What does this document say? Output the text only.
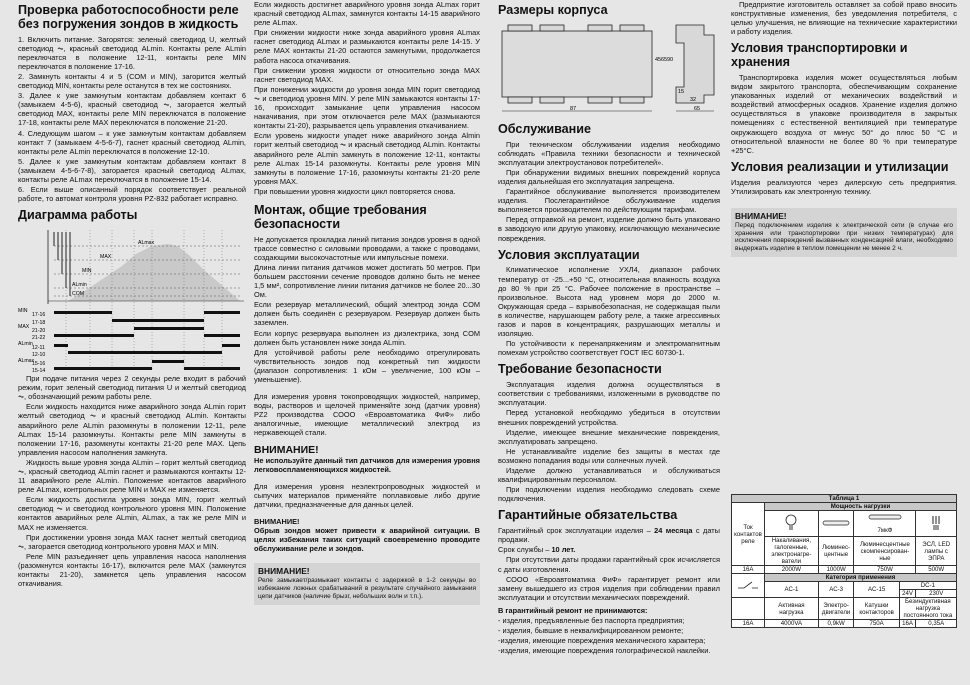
Проверка работоспособности реле без погружения зондов в жидкость

1. Включить питание. Загорятся: зеленый светодиод U, желтый светодиод ⏦, красный светодиод ALmin. Контакты реле ALmin переключатся в положение 12-11, контакты реле MIN переключатся в положение 17-16.

2. Замкнуть контакты 4 и 5 (COM и MIN), загорится желтый светодиод MIN, контакты реле останутся в тех же состояниях.

3. Далее к уже замкнутым контактам добавляем контакт 6 (замыкаем 4-5-6), красный светодиод ⏦, загорается желтый светодиод MAX, контакты реле MIN переключатся в положение 17-18, контакты реле MAX переключатся в положение 21-20.

4. Следующим шагом – к уже замкнутым контактам добавляем контакт 7 (замыкаем 4-5-6-7), гаснет красный светодиод ALmin, контакты реле ALmin переключатся в положение 12-10.

5. Далее к уже замкнутым контактам добавляем контакт 8 (замыкаем 4-5-6-7-8), загорается красный светодиод ALmax, контакты реле ALmax переключатся в положение 15-14.

6. Если выше описанный порядок соответствует реальной работе, то автомат контроля уровня PZ-832 работает исправно.

Диаграмма работы
ALmax
MAX
MIN
ALmin
COM
MIN
17-16
17-18
MAX
21-20
21-22
ALmin
12-11
12-10
ALmax
15-16
15-14

При подаче питания через 2 секунды реле входит в рабочий режим, горит зеленый светодиод питания U и желтый светодиод ⏦, обозначающий режим работы реле.

Если жидкость находится ниже аварийного зонда ALmin горит желтый светодиод ⏦ и красный светодиод ALmin. Контакты аварийного реле ALmin разомкнуты в положении 12-11, реле ALmax 15-14 разомкнуты. Контакты реле MIN замкнуты в положении 17-16, разомкнуты контакты 21-20 реле MAX. Цепь управления насосом наполнения замкнута.

Жидкость выше уровня зонда ALmin – горит желтый светодиод ⏦, красный светодиод ALmin гаснет и размыкаются контакты 12-11 аварийного реле ALmin. Положение контактов аварийного реле ALmax, контрольных реле MIN и MAX не изменяется.

Если жидкость достигла уровня зонда MIN, горит желтый светодиод ⏦ и светодиод контрольного уровня MIN. Положение контактов аварийных реле ALmin, ALmax, а так же реле MIN и MAX не изменяется.

При достижении уровня зонда MAX гаснет желтый светодиод ⏦, загорается светодиод контрольного уровня MAX и MIN.

Реле MIN разъединяет цепь управления насоса наполнения (разомкнутся контакты 16-17), включится реле MAX (замкнутся контакты 21-20), замкнется цепь управления насосом откачивания.

Если жидкость достигнет аварийного уровня зонда ALmax горит красный светодиод ALmax, замкнутся контакты 14-15 аварийного реле ALmax.

При снижении жидкости ниже зонда аварийного уровня ALmax гаснет светодиод ALmax и размыкаются контакты реле 14-15. У реле MAX контакты 21-20 остаются замкнутыми, продолжается работа насоса откачивания.

При снижении уровня жидкости от относительно зонда MAX гаснет светодиод MAX.

При понижении жидкости до уровня зонда MIN горит светодиод ⏦ и светодиод уровня MIN. У реле MIN замыкаются контакты 17-16, происходит замыкание цепи управления насосом накачивания, при этом отключается реле MAX (размыкаются контакты 21-20), разрывается цепь управления откачиванием.

Если уровень жидкости упадет ниже аварийного зонда Almin горит желтый светодиод ⏦ и красный светодиод ALmin. Контакты аварийного реле ALmin замкнуть в положение 12-11, контакты реле ALmax 15-14 разомкнуты. Контакты реле уровня MIN замкнуты в положение 17-16, разомкнуты контакты 21-20 реле уровня MAX.

При повышении уровня жидкости цикл повторяется снова.

Монтаж, общие требования безопасности

Не допускается прокладка линий питания зондов уровня в одной трассе совместно с силовыми проводами, а также с проводами, создающими высокочастотные или импульсные помехи.

Длина линии питания датчиков может достигать 50 метров. При большем расстоянии сечение проводов должно быть не менее 1,5 мм², сопротивление линии питания датчиков не более 20...30 Ом.

Если резервуар металлический, общий электрод зонда COM должен быть соединён с резервуаром. Резервуар должен быть заземлен.

Если корпус резервуара выполнен из диэлектрика, зонд COM должен быть установлен ниже зонда ALmin.

Для устойчивой работы реле необходимо отрегулировать чувствительность зондов под конкретный тип жидкости (диапазон сопротивления: 1 кОм – увеличение, 100 кОм – уменьшение).

Для измерения уровня токопроводящих жидкостей, например, воды, растворов и щелочей применяйте зонд (датчик уровня) PZ2 производства СООО «Евроавтоматика ФиФ» либо аналогичные, имеющие металлический электрод из нержавеющей стали.

ВНИМАНИЕ!

Не используйте данный тип датчиков для измерения уровня легковоспламеняющихся жидкостей.

Для измерения уровня неэлектропроводных жидкостей и сыпучих материалов применяйте поплавковые либо другие датчики, предназначенные для данных целей.

ВНИМАНИЕ!

Обрыв зондов может привести к аварийной ситуации. В целях избежания таких ситуаций своевременно проводите обслуживание реле и зондов.

ВНИМАНИЕ!

Реле замыкает/размыкает контакты с задержкой в 1-2 секунды во избежание ложных срабатываний в результате случайного замыкания цепи датчиков (наличие брызг, небольших волн и т.п.).

Размеры корпуса
87
45 65 90
15
32
65
Обслуживание

При техническом обслуживании изделия необходимо соблюдать «Правила техники безопасности и технической эксплуатации электроустановок потребителей».

При обнаружении видимых внешних повреждений корпуса изделия дальнейшая его эксплуатация запрещена.

Гарантийное обслуживание выполняется производителем изделия. Послегарантийное обслуживание изделия выполняется производителем по действующим тарифам.

Перед отправкой на ремонт, изделие должно быть упаковано в заводскую или другую упаковку, исключающую механические повреждения.

Условия эксплуатации

Климатическое исполнение УХЛ4, диапазон рабочих температур от -25...+50 °С, относительная влажность воздуха до 80 % при 25 °С. Рабочее положение в пространстве – произвольное. Высота над уровнем моря до 2000 м. Окружающая среда – взрывобезопасная, не содержащая пыли в количестве, нарушающем работу реле, а также агрессивных газов и паров в концентрациях, разрушающих металлы и изоляцию.

По устойчивости к перенапряжениям и электромагнитным помехам устройство соответствует ГОСТ IEC 60730-1.

Требование безопасности

Эксплуатация изделия должна осуществляться в соответствии с требованиями, изложенными в руководстве по эксплуатации.

Перед установкой необходимо убедиться в отсутствии внешних повреждений устройства.

Изделие, имеющее внешние механические повреждения, эксплуатировать запрещено.

Не устанавливайте изделие без защиты в местах где возможно попадания воды или солнечных лучей.

Изделие должно устанавливаться и обслуживаться квалифицированным персоналом.

При подключении изделия необходимо следовать схеме подключения.

Гарантийные обязательства

Гарантийный срок эксплуатации изделия – 24 месяца с даты продажи.

Срок службы – 10 лет.

При отсутствии даты продажи гарантийный срок исчисляется с даты изготовления.

СООО «Евроавтоматика ФиФ» гарантирует ремонт или замену вышедшего из строя изделия при соблюдении правил эксплуатации и отсутствии механических повреждений.

В гарантийный ремонт не принимаются:

- изделия, предъявленные без паспорта предприятия;

- изделия, бывшие в неквалифицированном ремонте;

-изделия, имеющие повреждения механического характера;

-изделия, имеющие повреждения голографической наклейки.

Предприятие изготовитель оставляет за собой право вносить конструктивные изменения, без уведомления потребителя, с целью улучшения, не влияющие на технические характеристики и работу изделия.

Условия транспортировки и хранения

Транспортировка изделия может осуществляться любым видом закрытого транспорта, обеспечивающим сохранение упакованных изделий от механических воздействий и воздействий атмосферных осадков. Хранение изделия должно осуществляться в упаковке производителя в закрытых помещениях с естественной вентиляцией при температуре окружающего воздуха от минус 50° до плюс 50 °С и относительной влажности не более 80 % при температуре +25°С.

Условия реализации и утилизации

Изделия реализуются через дилерскую сеть предприятия. Утилизировать как электронную технику.

ВНИМАНИЕ!

Перед подключением изделия к электрической сети (в случае его хранения или транспортировки при низких температурах) для исключения повреждений вызванных конденсацией влаги, необходимо выдержать изделие в теплом помещении не менее 2 ч.

Таблица 1					
Ток контактов реле	Мощность нагрузки				

7мкФ

	Накаливания, галогенные, электронагре-ватели	Люминес-центные	Люминесцентные скомпенсирован-ные		ЭСЛ, LED лампы с ЭПРА
16A	2000W	1000W	750W		500W
	Категория применения				
	AC-1	AC-3	AC-15	DC-1	
				24V	230V
	Активная нагрузка	Электро-двигатели	Катушки контакторов	Безиндуктивная нагрузка постоянного тока	
16A	4000VA	0,9kW	750A	16A	0,35A
